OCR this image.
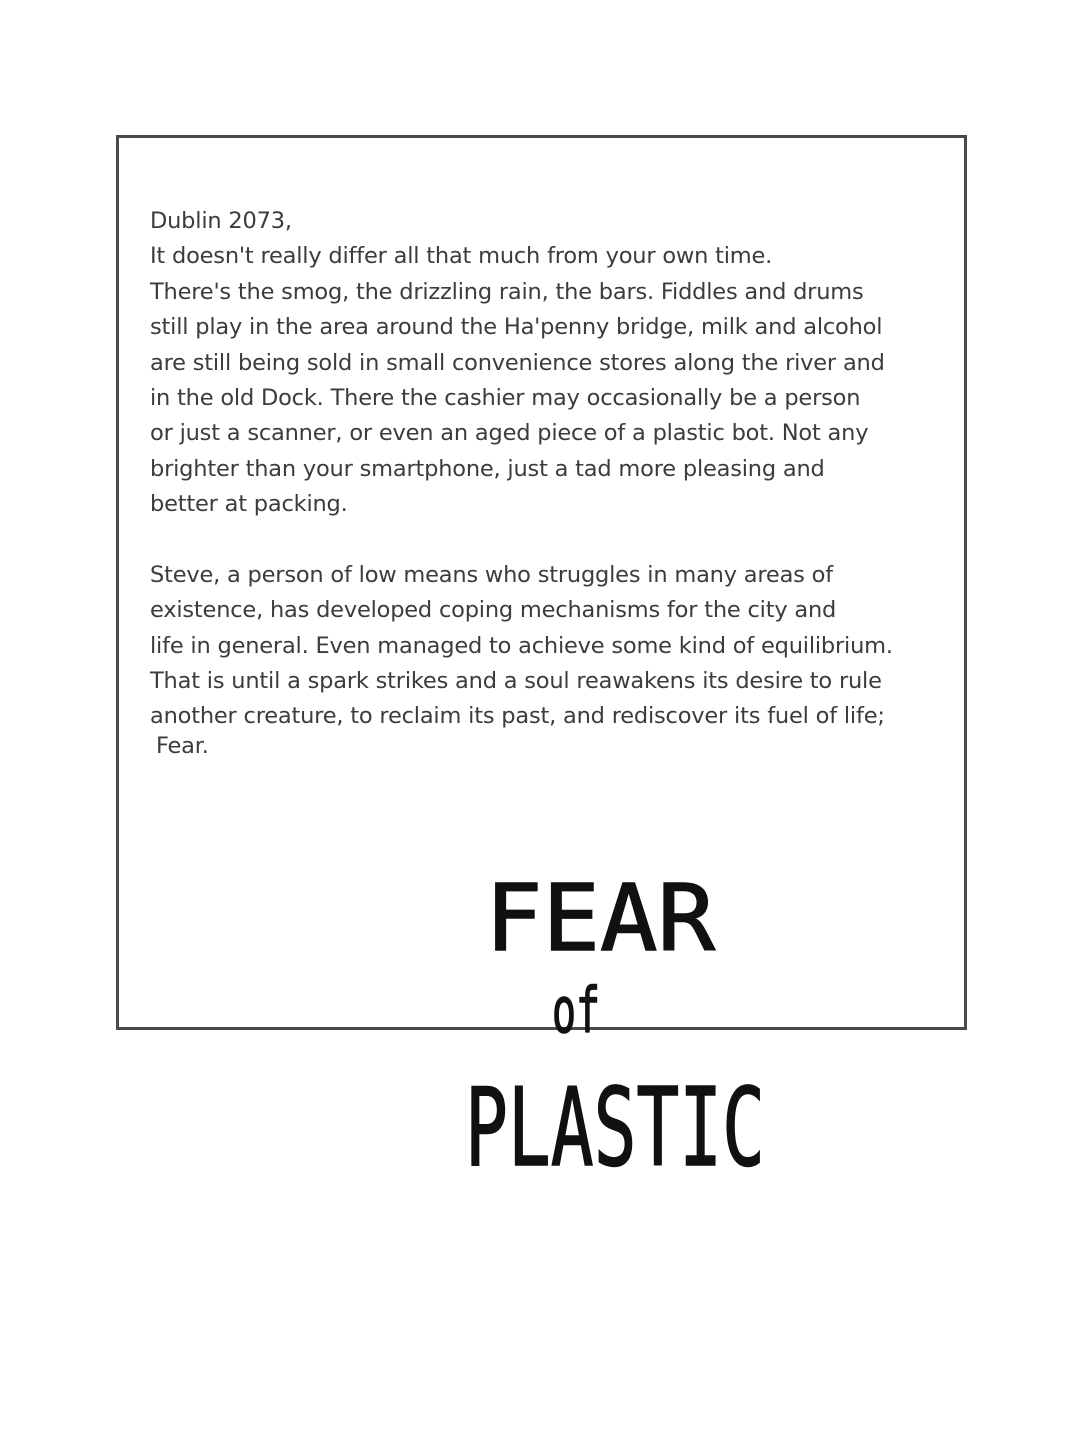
Dublin 2073,
It doesn't really differ all that much from your own time.
There's the smog, the drizzling rain, the bars. Fiddles and drums
still play in the area around the Ha'penny bridge, milk and alcohol
are still being sold in small convenience stores along the river and
in the old Dock. There the cashier may occasionally be a person
or just a scanner, or even an aged piece of a plastic bot. Not any
brighter than your smartphone, just a tad more pleasing and
better at packing.
Steve, a person of low means who struggles in many areas of
existence, has developed coping mechanisms for the city and
life in general. Even managed to achieve some kind of equilibrium.
That is until a spark strikes and a soul reawakens its desire to rule
another creature, to reclaim its past, and rediscover its fuel of life;
Fear.
FEAR
of
PLASTIC
